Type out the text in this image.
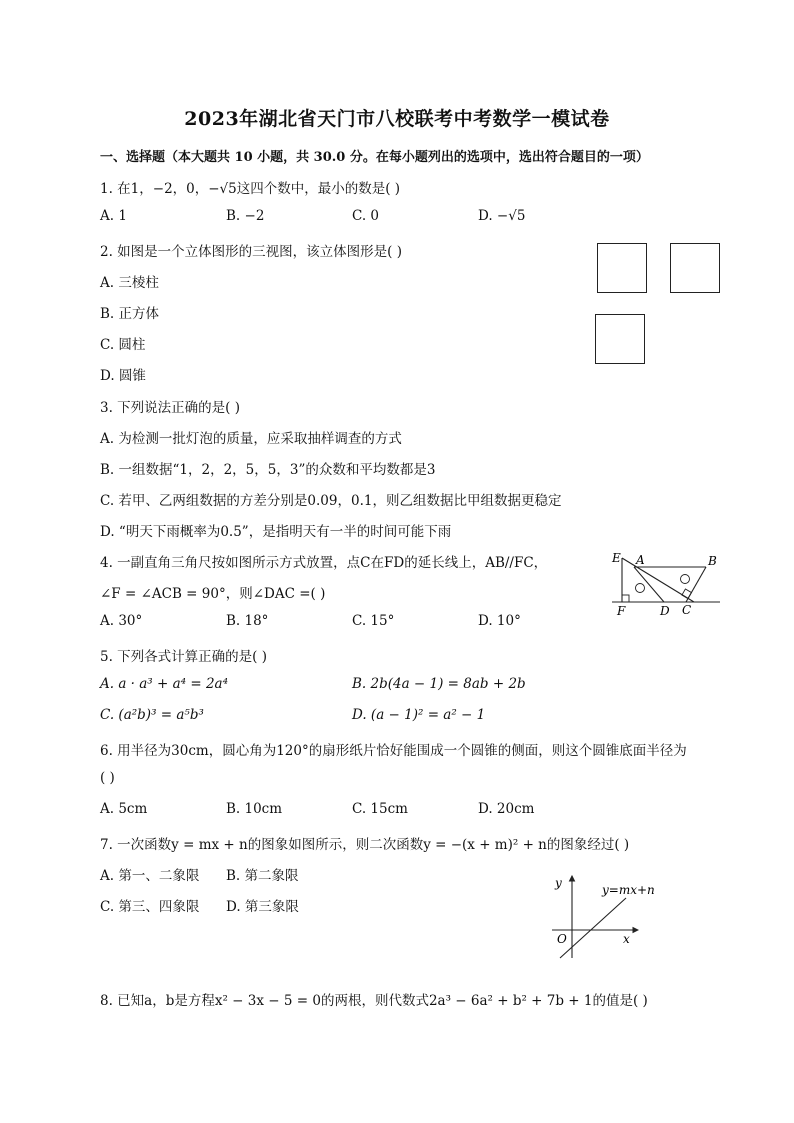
2023年湖北省天门市八校联考中考数学一模试卷
一、选择题（本大题共 10 小题，共 30.0 分。在每小题列出的选项中，选出符合题目的一项）
1. 在1，−2，0，−√5这四个数中，最小的数是( )
A. 1	B. −2	C. 0	D. −√5
2. 如图是一个立体图形的三视图，该立体图形是( )
A. 三棱柱
B. 正方体
C. 圆柱
D. 圆锥
3. 下列说法正确的是( )
A. 为检测一批灯泡的质量，应采取抽样调查的方式
B. 一组数据“1，2，2，5，5，3”的众数和平均数都是3
C. 若甲、乙两组数据的方差分别是0.09，0.1，则乙组数据比甲组数据更稳定
D. “明天下雨概率为0.5”，是指明天有一半的时间可能下雨
4. 一副直角三角尺按如图所示方式放置，点C在FD的延长线上，AB//FC，
∠F = ∠ACB = 90°，则∠DAC =( )
A. 30°	B. 18°	C. 15°	D. 10°
E A	B
F	D C
5. 下列各式计算正确的是( )
A. a · a³ + a⁴ = 2a⁴	B. 2b(4a − 1) = 8ab + 2b
C. (a²b)³ = a⁵b³	D. (a − 1)² = a² − 1
6. 用半径为30cm，圆心角为120°的扇形纸片恰好能围成一个圆锥的侧面，则这个圆锥底面半径为
( )
A. 5cm	B. 10cm	C. 15cm	D. 20cm
7. 一次函数y = mx + n的图象如图所示，则二次函数y = −(x + m)² + n的图象经过( )
A. 第一、二象限 B. 第二象限
C. 第三、四象限 D. 第三象限
y
x
O
y=mx+n
8. 已知a，b是方程x² − 3x − 5 = 0的两根，则代数式2a³ − 6a² + b² + 7b + 1的值是( )
